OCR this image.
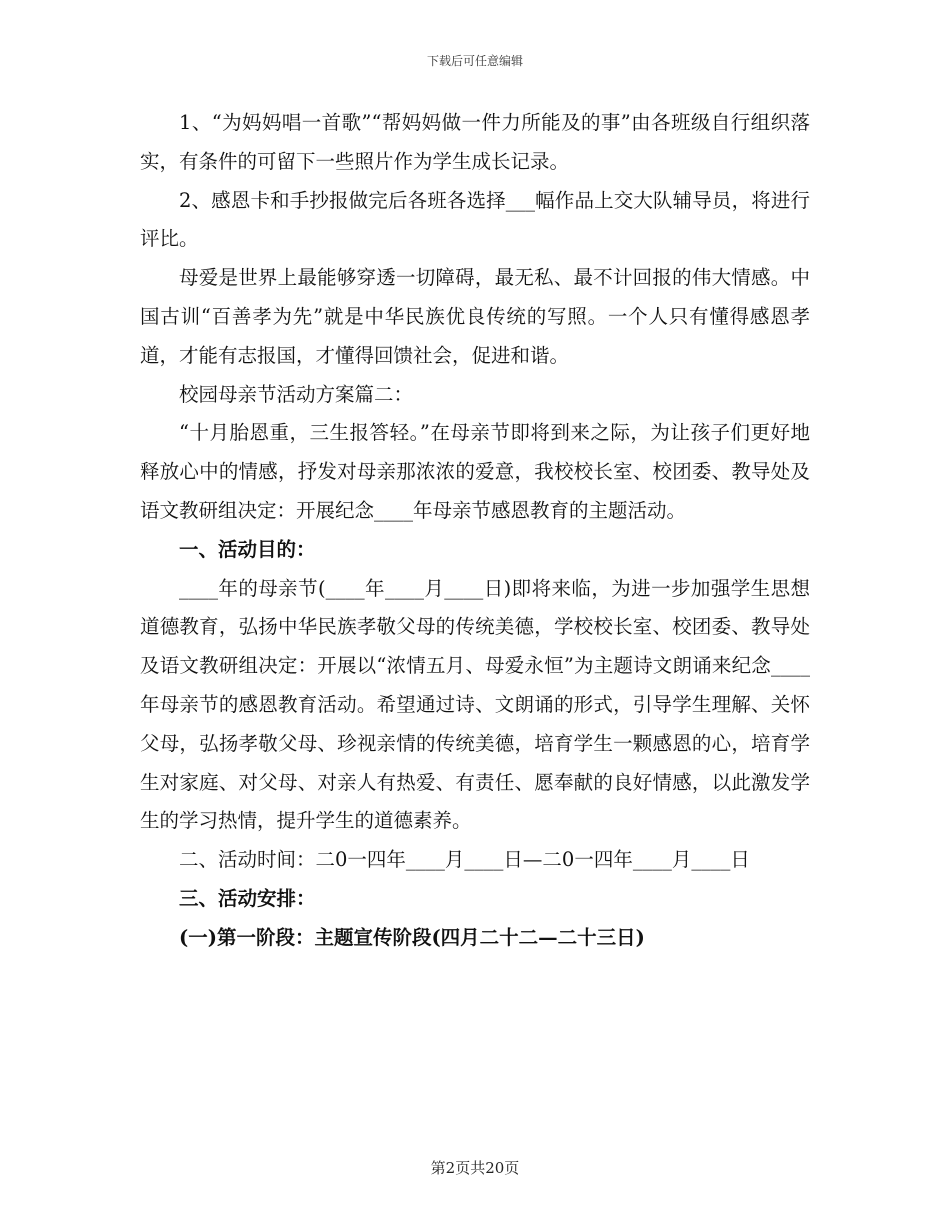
下载后可任意编辑

1、“为妈妈唱一首歌”“帮妈妈做一件力所能及的事”由各班级自行组织落实，有条件的可留下一些照片作为学生成长记录。

2、感恩卡和手抄报做完后各班各选择___幅作品上交大队辅导员，将进行评比。

母爱是世界上最能够穿透一切障碍，最无私、最不计回报的伟大情感。中国古训“百善孝为先”就是中华民族优良传统的写照。一个人只有懂得感恩孝道，才能有志报国，才懂得回馈社会，促进和谐。

校园母亲节活动方案篇二：

“十月胎恩重，三生报答轻。”在母亲节即将到来之际，为让孩子们更好地释放心中的情感，抒发对母亲那浓浓的爱意，我校校长室、校团委、教导处及语文教研组决定：开展纪念____年母亲节感恩教育的主题活动。

一、活动目的：

____年的母亲节(____年____月____日)即将来临，为进一步加强学生思想道德教育，弘扬中华民族孝敬父母的传统美德，学校校长室、校团委、教导处及语文教研组决定：开展以“浓情五月、母爱永恒”为主题诗文朗诵来纪念____年母亲节的感恩教育活动。希望通过诗、文朗诵的形式，引导学生理解、关怀父母，弘扬孝敬父母、珍视亲情的传统美德，培育学生一颗感恩的心，培育学生对家庭、对父母、对亲人有热爱、有责任、愿奉献的良好情感，以此激发学生的学习热情，提升学生的道德素养。

二、活动时间：二0一四年____月____日—二0一四年____月____日

三、活动安排：

(一)第一阶段：主题宣传阶段(四月二十二—二十三日)

第2页共20页
